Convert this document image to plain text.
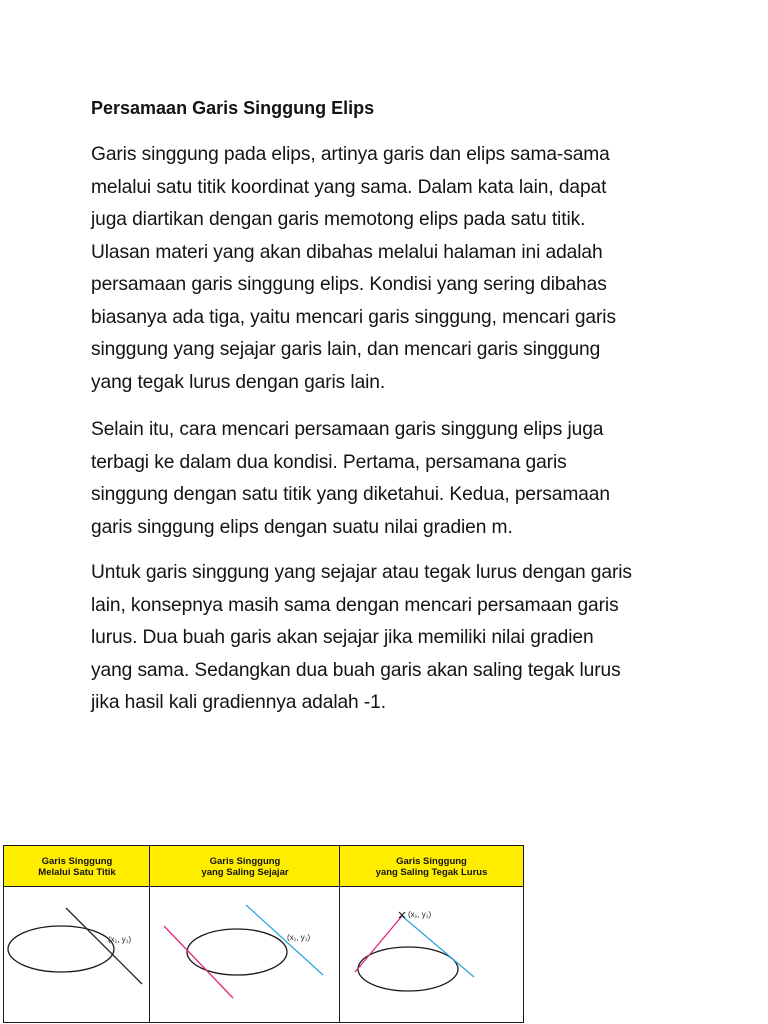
Persamaan Garis Singgung Elips
Garis singgung pada elips, artinya garis dan elips sama-sama
melalui satu titik koordinat yang sama. Dalam kata lain, dapat
juga diartikan dengan garis memotong elips pada satu titik.
Ulasan materi yang akan dibahas melalui halaman ini adalah
persamaan garis singgung elips. Kondisi yang sering dibahas
biasanya ada tiga, yaitu mencari garis singgung, mencari garis
singgung yang sejajar garis lain, dan mencari garis singgung
yang tegak lurus dengan garis lain.
Selain itu, cara mencari persamaan garis singgung elips juga
terbagi ke dalam dua kondisi. Pertama, persamana garis
singgung dengan satu titik yang diketahui. Kedua, persamaan
garis singgung elips dengan suatu nilai gradien m.
Untuk garis singgung yang sejajar atau tegak lurus dengan garis
lain, konsepnya masih sama dengan mencari persamaan garis
lurus. Dua buah garis akan sejajar jika memiliki nilai gradien
yang sama. Sedangkan dua buah garis akan saling tegak lurus
jika hasil kali gradiennya adalah -1.
Garis Singgung
Melalui Satu Titik
Garis Singgung
yang Saling Sejajar
Garis Singgung
yang Saling Tegak Lurus
(x₁, y₁)	(x₁, y₁)
(x₁, y₁)
